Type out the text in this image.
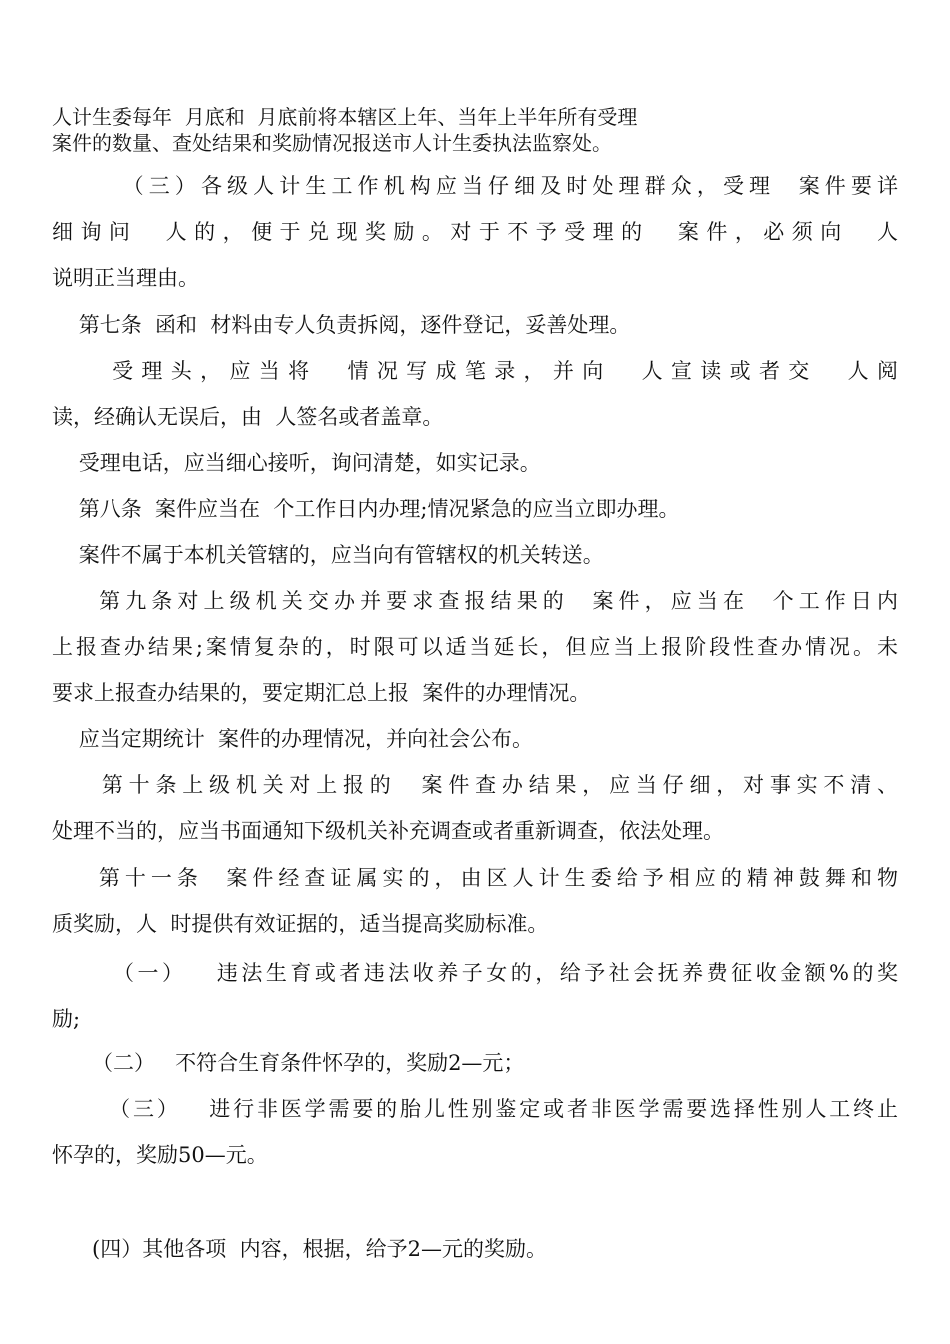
人计生委每年  月底和  月底前将本辖区上年、当年上半年所有受理
案件的数量、查处结果和奖励情况报送市人计生委执法监察处。
（三）各级人计生工作机构应当仔细及时处理群众，受理  案件要详
细询问  人的，便于兑现奖励。对于不予受理的  案件，必须向  人
说明正当理由。
第七条  函和  材料由专人负责拆阅，逐件登记，妥善处理。
受理头，应当将  情况写成笔录，并向  人宣读或者交  人阅
读，经确认无误后，由  人签名或者盖章。
受理电话，应当细心接听，询问清楚，如实记录。
第八条  案件应当在  个工作日内办理;情况紧急的应当立即办理。
案件不属于本机关管辖的，应当向有管辖权的机关转送。
第九条对上级机关交办并要求查报结果的  案件，应当在  个工作日内
上报查办结果;案情复杂的，时限可以适当延长，但应当上报阶段性查办情况。未
要求上报查办结果的，要定期汇总上报  案件的办理情况。
应当定期统计  案件的办理情况，并向社会公布。
第十条上级机关对上报的  案件查办结果，应当仔细，对事实不清、
处理不当的，应当书面通知下级机关补充调查或者重新调查，依法处理。
第十一条  案件经查证属实的，由区人计生委给予相应的精神鼓舞和物
质奖励，人  时提供有效证据的，适当提高奖励标准。
（一）   违法生育或者违法收养子女的，给予社会抚养费征收金额%的奖
励;
（二）   不符合生育条件怀孕的，奖励2—元；
（三）   进行非医学需要的胎儿性别鉴定或者非医学需要选择性别人工终止
怀孕的，奖励50—元。
(四）其他各项  内容，根据，给予2—元的奖励。
